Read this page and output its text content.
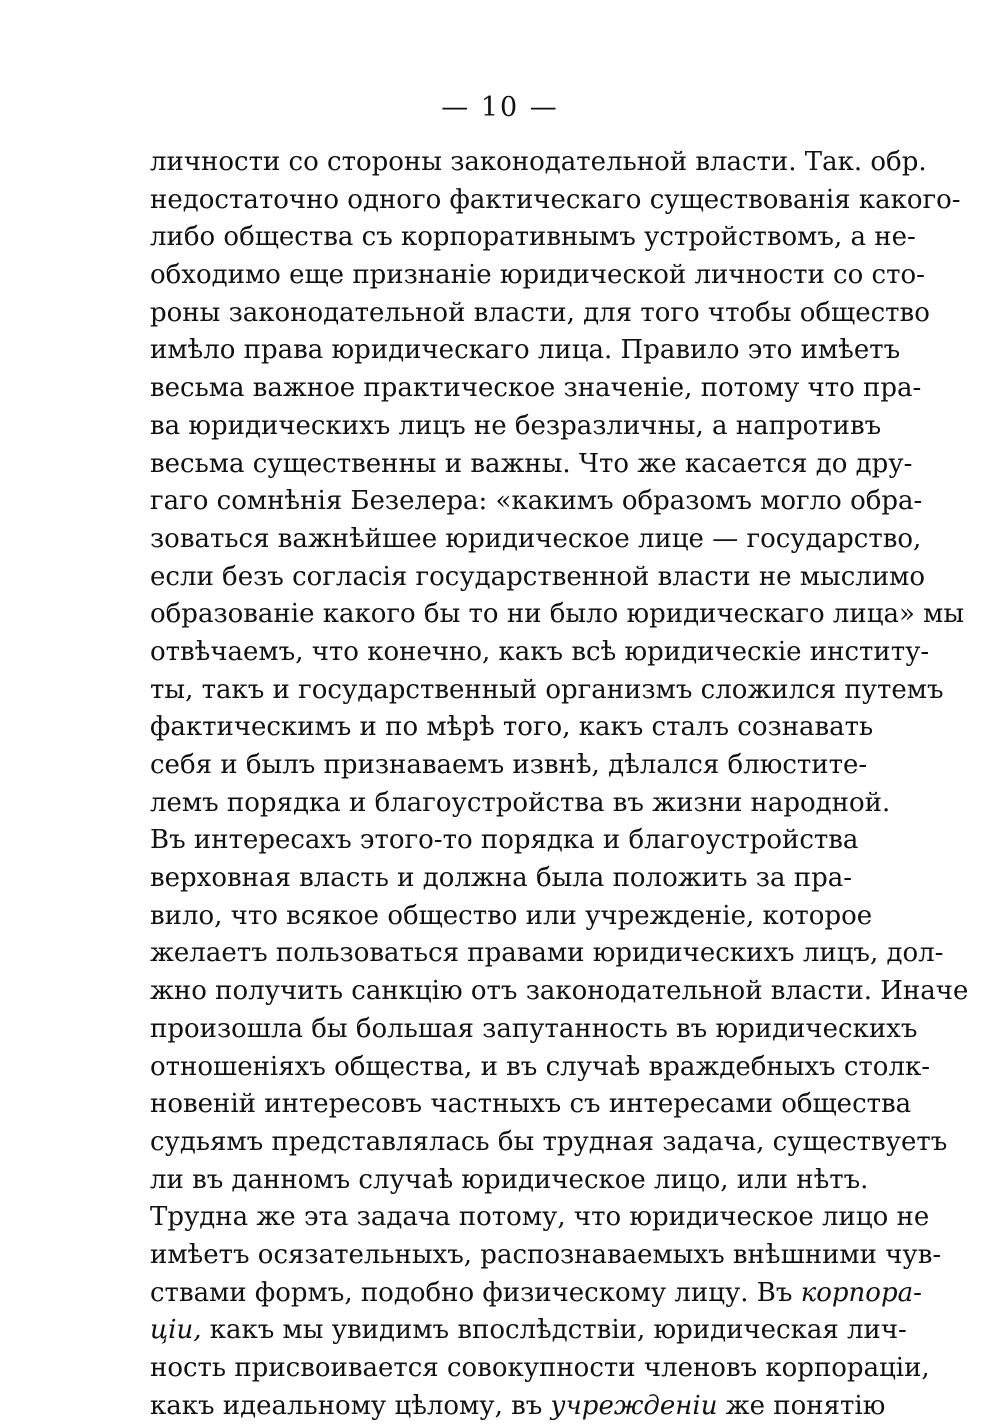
— 10 —
личности со стороны законодательной власти. Так. обр.
недостаточно одного фактическаго существованія какого-
либо общества съ корпоративнымъ устройствомъ, а не-
обходимо еще признаніе юридической личности со сто-
роны законодательной власти, для того чтобы общество
имѣло права юридическаго лица. Правило это имѣетъ
весьма важное практическое значеніе, потому что пра-
ва юридическихъ лицъ не безразличны, а напротивъ
весьма существенны и важны. Что же касается до дру-
гаго сомнѣнія Безелера: «какимъ образомъ могло обра-
зоваться важнѣйшее юридическое лице — государство,
если безъ согласія государственной власти не мыслимо
образованіе какого бы то ни было юридическаго лица» мы
отвѣчаемъ, что конечно, какъ всѣ юридическіе институ-
ты, такъ и государственный организмъ сложился путемъ
фактическимъ и по мѣрѣ того, какъ сталъ сознавать
себя и былъ признаваемъ извнѣ, дѣлался блюстите-
лемъ порядка и благоустройства въ жизни народной.
Въ интересахъ этого-то порядка и благоустройства
верховная власть и должна была положить за пра-
вило, что всякое общество или учрежденіе, которое
желаетъ пользоваться правами юридическихъ лицъ, дол-
жно получить санкцію отъ законодательной власти. Иначе
произошла бы большая запутанность въ юридическихъ
отношеніяхъ общества, и въ случаѣ враждебныхъ столк-
новеній интересовъ частныхъ съ интересами общества
судьямъ представлялась бы трудная задача, существуетъ
ли въ данномъ случаѣ юридическое лицо, или нѣтъ.
Трудна же эта задача потому, что юридическое лицо не
имѣетъ осязательныхъ, распознаваемыхъ внѣшними чув-
ствами формъ, подобно физическому лицу. Въ корпора-
ціи, какъ мы увидимъ впослѣдствіи, юридическая лич-
ность присвоивается совокупности членовъ корпораціи,
какъ идеальному цѣлому, въ учрежденіи же понятію
